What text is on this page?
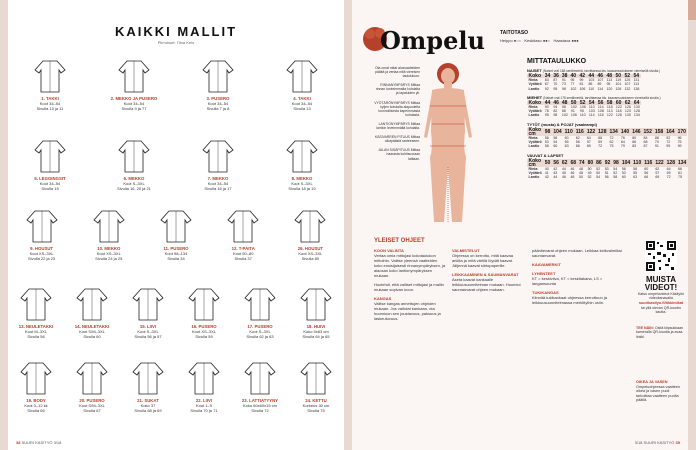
KAIKKI MALLIT
Piirrokset: Tiina Kelo
1. TAKKI
Koot 34–54
Sivulla 10 ja 11
2. MEKKO JA PUSERO
Koot 34–54
Sivulla 9 ja 77
3. PUSERO
Koot 34–54
Sivulla 7 ja 8
4. TAKKI
Koot 34–54
Sivulla 13
5. LEGGINGSIT
Koot 34–54
Sivulla 15
6. MEKKO
Koot S–3XL
Sivulla 16, 20 ja 21
7. MEKKO
Koot 34–54
Sivulla 16 ja 17
8. MEKKO
Koot S–3XL
Sivulla 18 ja 19
9. HOUSUT
Koot XS–3XL
Sivulla 22 ja 23
10. MEKKO
Koot XS–3XL
Sivulla 24 ja 25
11. PUSERO
Koot 98–134
Sivulla 34
12. T-PAITA
Koot 50–80
Sivulla 37
26. HOUSUT
Koot XS–3XL
Sivulla 80
13. NEULETAKKI
Koot M–3XL
Sivulla 56
14. NEULETAKKI
Koot S/M–3XL
Sivulla 60
15. LIIVI
Koot S–3XL
Sivulla 56 ja 57
16. PUSERO
Koot XS–3XL
Sivulla 59
17. PUSERO
Koot S–3XL
Sivulla 62 ja 63
18. HUIVI
Koko 9x83 cm
Sivulla 64 ja 65
19. BODY
Koot 0–12 kk
Sivulla 66
20. PUSERO
Koot S/M–3XL
Sivulla 67
21. SUKAT
Koko 37
Sivulla 68 ja 69
22. LIIVI
Koot 1–9
Sivulla 70 ja 71
23. LATTIATYYNY
Koko 60x60x15 cm
Sivulla 72
24. KETTU
Korkeus 30 cm
Sivulla 75
38 SUURI KÄSITYÖ 3/18
Ompelu	TAITOTASO
Helppo ●○○   Keskitaso ●●○   Haastava ●●●
MITTATAULUKKO
NAISET (Naiset vrat 168 senttimetriä, tarvittaessa kts. kaavamuutokseen viereisellä sivulla.)
Koko	34	36	38	40	42	44	46	48	50	52	54
Rinta	83	87	91	95	99	103	107	113	119	125	131
Vyötärö	67	70	73	77	81	85	89	95	101	107	113
Lantio	92	95	98	102	106	110	114	120	126	132	138
MIEHET (Naiset vrat 178 senttimetriä, tarvittaessa kts. kaavamuutokseen viereisellä sivulla.)
Koko	44	46	48	50	52	54	56	58	60	62	64
Rinta	90	94	98	102	106	110	114	118	122	126	130
Vyötärö	78	82	86	91	95	103	108	113	118	123	128
Lantio	95	98	102	106	110	114	118	122	126	130	134
TYTÖT (musta) & POJAT (vaaleampi)
Koko cm	98	104	110	116	122	128	134	140	146	152	158	164	170
Rinta	56	58	60	62	64	68	72	76	80	84	88	92	96
Vyötärö	53	54	55	56	57	59	62	64	66	68	70	72	75
Lantio	58	60	63	66	69	72	75	79	83	87	91	95	99
VAUVAT & LAPSET
Koko cm	50	56	62	68	74	80	86	92	98	104	110	116	122	128	134
Rinta	40	42	44	46	48	50	52	53	54	56	58	60	62	64	66
Vyötärö	41	43	45	46	48	49	50	51	52	53	55	56	57	59	61
Lantio	42	44	46	48	50	52	54	56	58	60	63	66	69	72	75
Ota omat mitat alusvaatteiden päältä ja vertaa niitä viereisen taulukkoon.
RINNANYMPÄRYS Mittaa rinnan korkeimmalta kohdalta ja lapaluiden yli.
VYÖTÄRÖNYMPÄRYS Mittaa kyljen kohdalta alapuolelta luonnollisesta kapeimmasta kohdasta.
LANTIONYMPÄRYS Mittaa lantion leveimmältä kohdalta.
KÄSIVARREN PITUUS Mittaa olkapäästä ranteeseen.
JALAN SISÄPITUUS Mittaa haarasta kohtisuoraan lattiaan.
YLEISET OHJEET
KOON VALINTA
Vertaa omia mittojasi kokotaulukon mittoihin. Valitse yleensä vaatteiden koko ensisijaisesti rinnanympäryksen, ja alaosan koko lantionympäryksen mukaan.
Huolehdi, että valitset mittojasi ja mallin mukaan sopivan koon.
KANGAS
Valitse kangas annettujen ohjeiden mukaan. Jos vaihdat kankaan, ota huomioon sen joustavuus, paksuus ja laskeutuvuus.
VALMISTELUT
Ohjeessa on kerrottu, mitä kaavaa arkilta ja mitä värillä löydät kaavat. Jäljennä kaavat siirtopaperille.
LEIKKAAMINEN & SAUMANVARAT
Aseta kaavat kankaalle leikkuusuunnitelman mukaan. Huomioi saumanvarat ohjeen mukaan.
pääntievarat ohjeen mukaan. Leikkaa kelkvalmiiksi saumanvarat.
KAAVAMERKIT
LYHENTEET
KT = keskiviiva, KT = keskitakana, LS = langansuunta
TUKIKANGAS
Kiinnitä tukikankaat ohjeessa kerrottuun ja leikkuusuunnitelmassa merkittyihin osiin.
MUISTA VIDEOT!
Katso ompeluvideot Käsityön videokanavalla
suurikasityo.fi/tikkimikat
tai yllä olevan QR-koodin kautta.
TEE NÄIN: Ositä klipsukkaan kameralla QR-koodia ja avaa linkki.
OIKEA JA VASEN
Ompeluohjeessa vaatteen oikea ja vasen puoli tarkoittaa vaatteen puolta päällä.
3/18 SUURI KÄSITYÖ 39
